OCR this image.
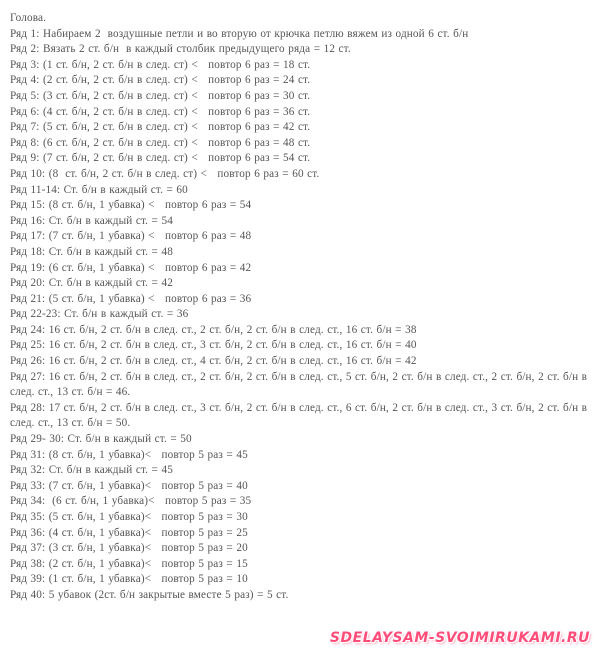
Голова.

Ряд 1: Набираем 2  воздушные петли и во вторую от крючка петлю вяжем из одной 6 ст. б/н

Ряд 2: Вязать 2 ст. б/н  в каждый столбик предыдущего ряда = 12 ст.

Ряд 3: (1 ст. б/н, 2 ст. б/н в след. ст) <   повтор 6 раз = 18 ст.

Ряд 4: (2 ст. б/н, 2 ст. б/н в след. ст) <   повтор 6 раз = 24 ст.

Ряд 5: (3 ст. б/н, 2 ст. б/н в след. ст) <   повтор 6 раз = 30 ст.

Ряд 6: (4 ст. б/н, 2 ст. б/н в след. ст) <   повтор 6 раз = 36 ст.

Ряд 7: (5 ст. б/н, 2 ст. б/н в след. ст) <   повтор 6 раз = 42 ст.

Ряд 8: (6 ст. б/н, 2 ст. б/н в след. ст) <   повтор 6 раз = 48 ст.

Ряд 9: (7 ст. б/н, 2 ст. б/н в след. ст) <   повтор 6 раз = 54 ст.

Ряд 10: (8  ст. б/н, 2 ст. б/н в след. ст) <   повтор 6 раз = 60 ст.

Ряд 11-14: Ст. б/н в каждый ст. = 60

Ряд 15: (8 ст. б/н, 1 убавка) <   повтор 6 раз = 54

Ряд 16: Ст. б/н в каждый ст. = 54

Ряд 17: (7 ст. б/н, 1 убавка) <   повтор 6 раз = 48

Ряд 18: Ст. б/н в каждый ст. = 48

Ряд 19: (6 ст. б/н, 1 убавка) <   повтор 6 раз = 42

Ряд 20: Ст. б/н в каждый ст. = 42

Ряд 21: (5 ст. б/н, 1 убавка) <   повтор 6 раз = 36

Ряд 22-23: Ст. б/н в каждый ст. = 36

Ряд 24: 16 ст. б/н, 2 ст. б/н в след. ст., 2 ст. б/н, 2 ст. б/н в след. ст., 16 ст. б/н = 38

Ряд 25: 16 ст. б/н, 2 ст. б/н в след. ст., 3 ст. б/н, 2 ст. б/н в след. ст., 16 ст. б/н = 40

Ряд 26: 16 ст. б/н, 2 ст. б/н в след. ст., 4 ст. б/н, 2 ст. б/н в след. ст., 16 ст. б/н = 42

Ряд 27: 16 ст. б/н, 2 ст. б/н в след. ст., 2 ст. б/н, 2 ст. б/н в след. ст., 5 ст. б/н, 2 ст. б/н в след. ст., 2 ст. б/н, 2 ст. б/н в след. ст., 13 ст. б/н = 46.

Ряд 28: 17 ст. б/н, 2 ст. б/н в след. ст., 3 ст. б/н, 2 ст. б/н в след. ст., 6 ст. б/н, 2 ст. б/н в след. ст., 3 ст. б/н, 2 ст. б/н в след. ст., 13 ст. б/н = 50.

Ряд 29- 30: Ст. б/н в каждый ст. = 50

Ряд 31: (8 ст. б/н, 1 убавка)<   повтор 5 раз = 45

Ряд 32: Ст. б/н в каждый ст. = 45

Ряд 33: (7 ст. б/н, 1 убавка)<   повтор 5 раз = 40

Ряд 34:  (6 ст. б/н, 1 убавка)<   повтор 5 раз = 35

Ряд 35: (5 ст. б/н, 1 убавка)<   повтор 5 раз = 30

Ряд 36: (4 ст. б/н, 1 убавка)<   повтор 5 раз = 25

Ряд 37: (3 ст. б/н, 1 убавка)<   повтор 5 раз = 20

Ряд 38: (2 ст. б/н, 1 убавка)<   повтор 5 раз = 15

Ряд 39: (1 ст. б/н, 1 убавка)<   повтор 5 раз = 10

Ряд 40: 5 убавок (2ст. б/н закрытые вместе 5 раз) = 5 ст.

SDELAYSAM-SVOIMIRUKAMI.RU
